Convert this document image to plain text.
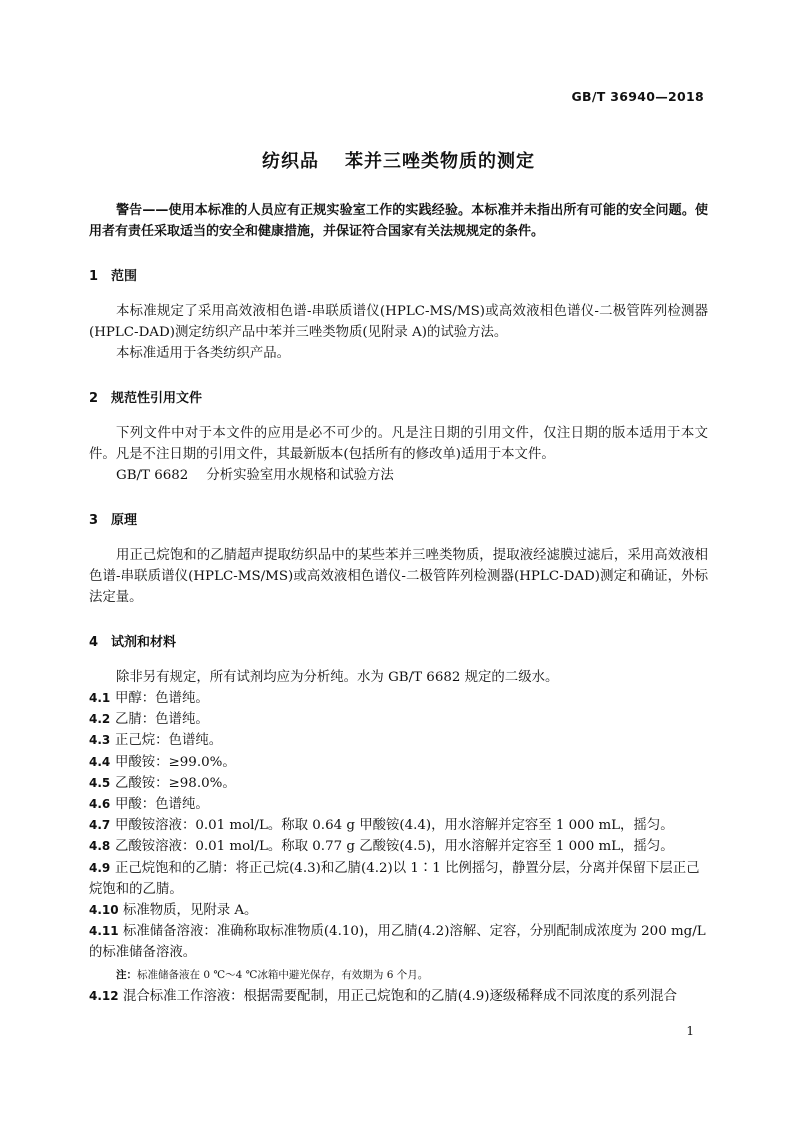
GB/T 36940—2018
纺织品 苯并三唑类物质的测定

警告——使用本标准的人员应有正规实验室工作的实践经验。本标准并未指出所有可能的安全问题。使用者有责任采取适当的安全和健康措施，并保证符合国家有关法规规定的条件。

1 范围

本标准规定了采用高效液相色谱-串联质谱仪(HPLC-MS/MS)或高效液相色谱仪-二极管阵列检测器(HPLC-DAD)测定纺织产品中苯并三唑类物质(见附录 A)的试验方法。

本标准适用于各类纺织产品。

2 规范性引用文件

下列文件中对于本文件的应用是必不可少的。凡是注日期的引用文件，仅注日期的版本适用于本文件。凡是不注日期的引用文件，其最新版本(包括所有的修改单)适用于本文件。

GB/T 6682 分析实验室用水规格和试验方法

3 原理

用正己烷饱和的乙腈超声提取纺织品中的某些苯并三唑类物质，提取液经滤膜过滤后，采用高效液相色谱-串联质谱仪(HPLC-MS/MS)或高效液相色谱仪-二极管阵列检测器(HPLC-DAD)测定和确证，外标法定量。

4 试剂和材料

除非另有规定，所有试剂均应为分析纯。水为 GB/T 6682 规定的二级水。

4.1 甲醇：色谱纯。

4.2 乙腈：色谱纯。

4.3 正己烷：色谱纯。

4.4 甲酸铵：≥99.0%。

4.5 乙酸铵：≥98.0%。

4.6 甲酸：色谱纯。

4.7 甲酸铵溶液：0.01 mol/L。称取 0.64 g 甲酸铵(4.4)，用水溶解并定容至 1 000 mL，摇匀。

4.8 乙酸铵溶液：0.01 mol/L。称取 0.77 g 乙酸铵(4.5)，用水溶解并定容至 1 000 mL，摇匀。

4.9 正己烷饱和的乙腈：将正己烷(4.3)和乙腈(4.2)以 1∶1 比例摇匀，静置分层，分离并保留下层正己烷饱和的乙腈。

4.10 标准物质，见附录 A。

4.11 标准储备溶液：准确称取标准物质(4.10)，用乙腈(4.2)溶解、定容，分别配制成浓度为 200 mg/L 的标准储备溶液。

注：标准储备液在 0 ℃～4 ℃冰箱中避光保存，有效期为 6 个月。

4.12 混合标准工作溶液：根据需要配制，用正己烷饱和的乙腈(4.9)逐级稀释成不同浓度的系列混合

1
